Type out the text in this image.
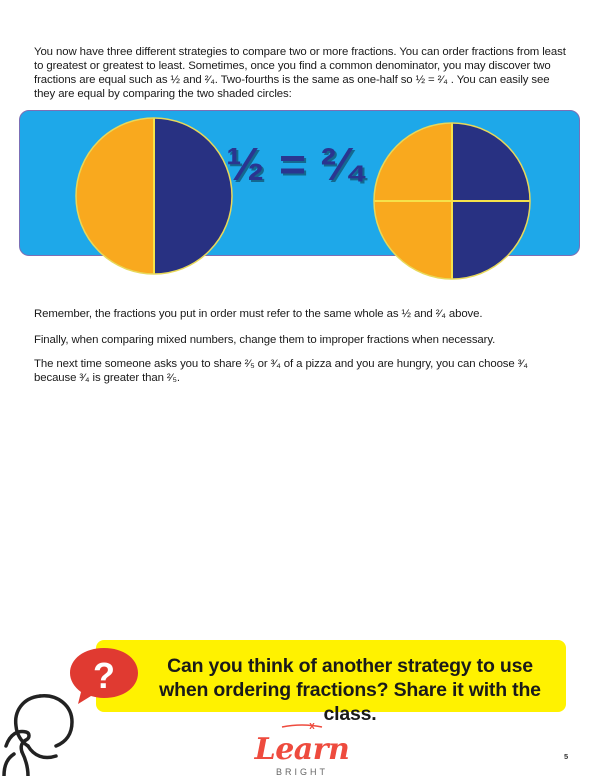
You now have three different strategies to compare two or more fractions. You can order fractions from least to greatest or greatest to least. Sometimes, once you find a common denominator, you may discover two fractions are equal such as ½ and ²⁄₄. Two-fourths is the same as one-half so ½ = ²⁄₄ . You can easily see they are equal by comparing the two shaded circles:

½ = ²⁄₄

Remember, the fractions you put in order must refer to the same whole as ½ and ²⁄₄ above.

Finally, when comparing mixed numbers, change them to improper fractions when necessary.

The next time someone asks you to share ²⁄₅ or ³⁄₄ of a pizza and you are hungry, you can choose ³⁄₄ because ³⁄₄ is greater than ²⁄₅.

Can you think of another strategy to use when ordering fractions? Share it with the class.
?
Learn
BRIGHT
5
